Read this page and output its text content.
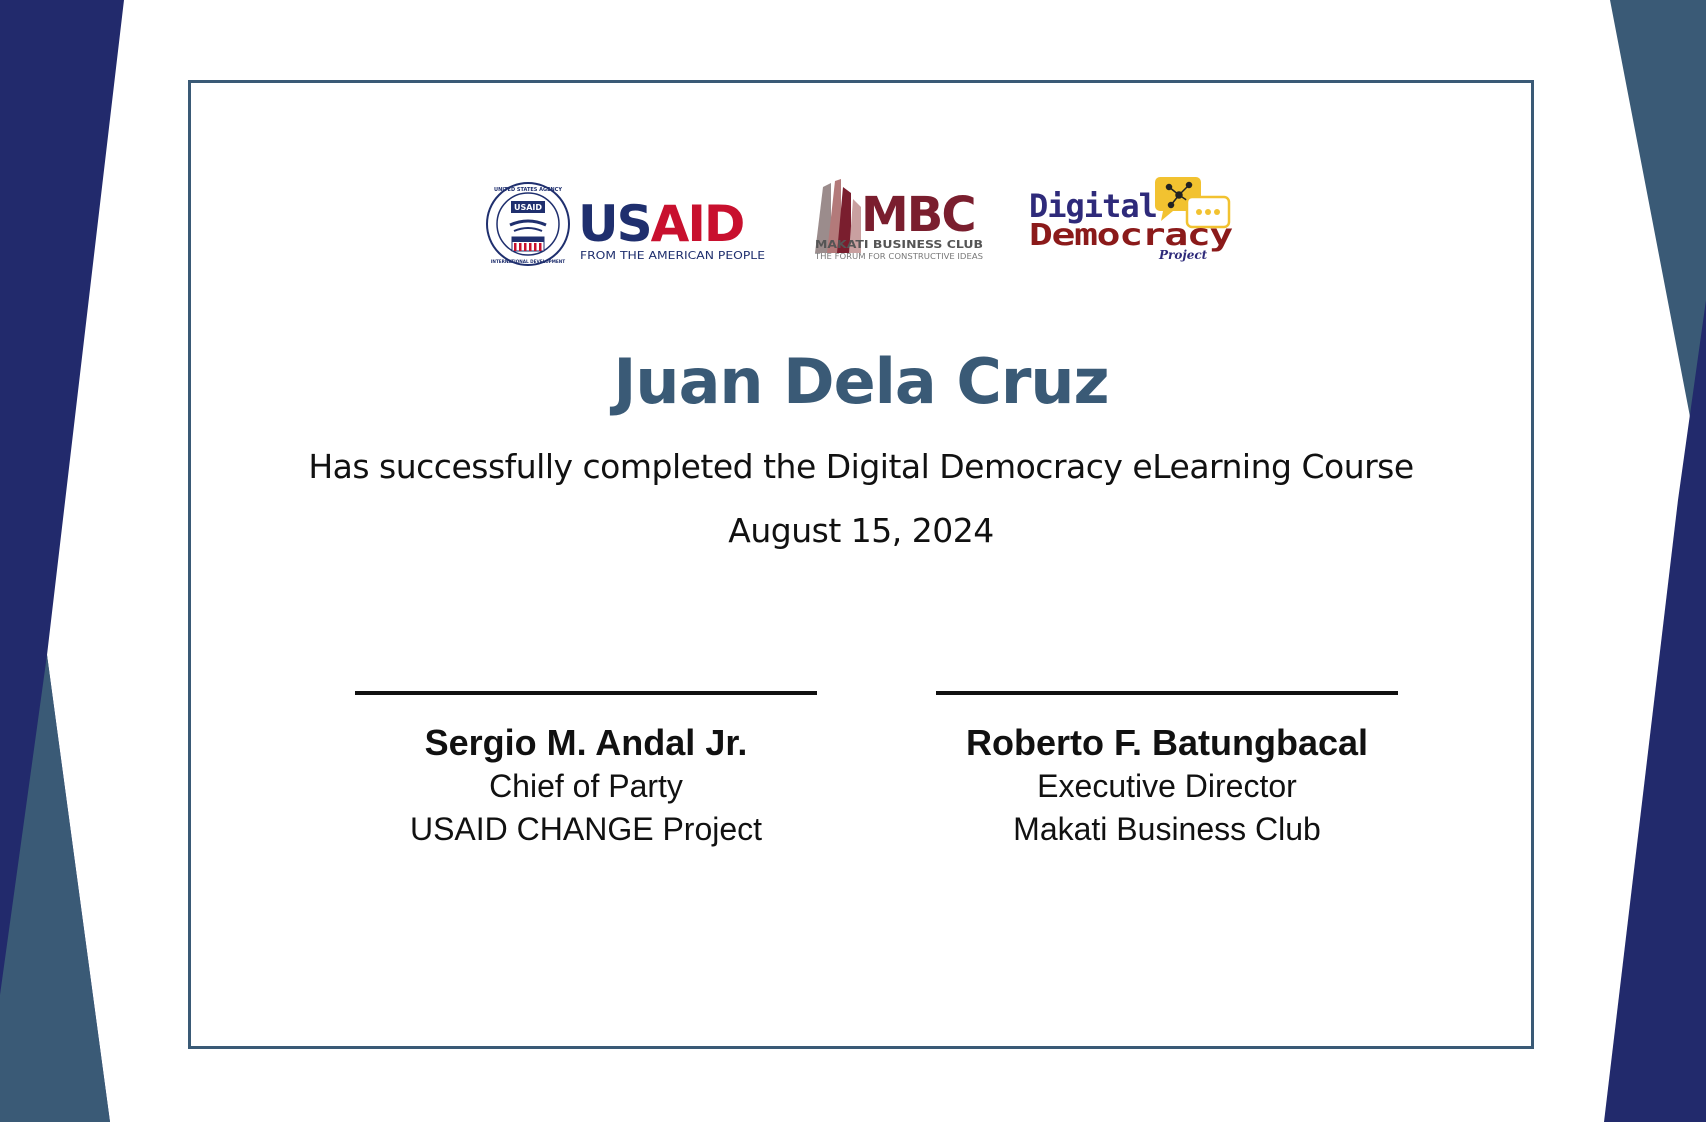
UNITED STATES AGENCY
INTERNATIONAL DEVELOPMENT
USAID USAID
FROM THE AMERICAN PEOPLE
MBC
MAKATI BUSINESS CLUB
THE FORUM FOR CONSTRUCTIVE IDEAS
Digital
Democracy
Project
Juan Dela Cruz
Has successfully completed the Digital Democracy eLearning Course
August 15, 2024
Sergio M. Andal Jr.
Chief of Party
USAID CHANGE Project
Roberto F. Batungbacal
Executive Director
Makati Business Club
